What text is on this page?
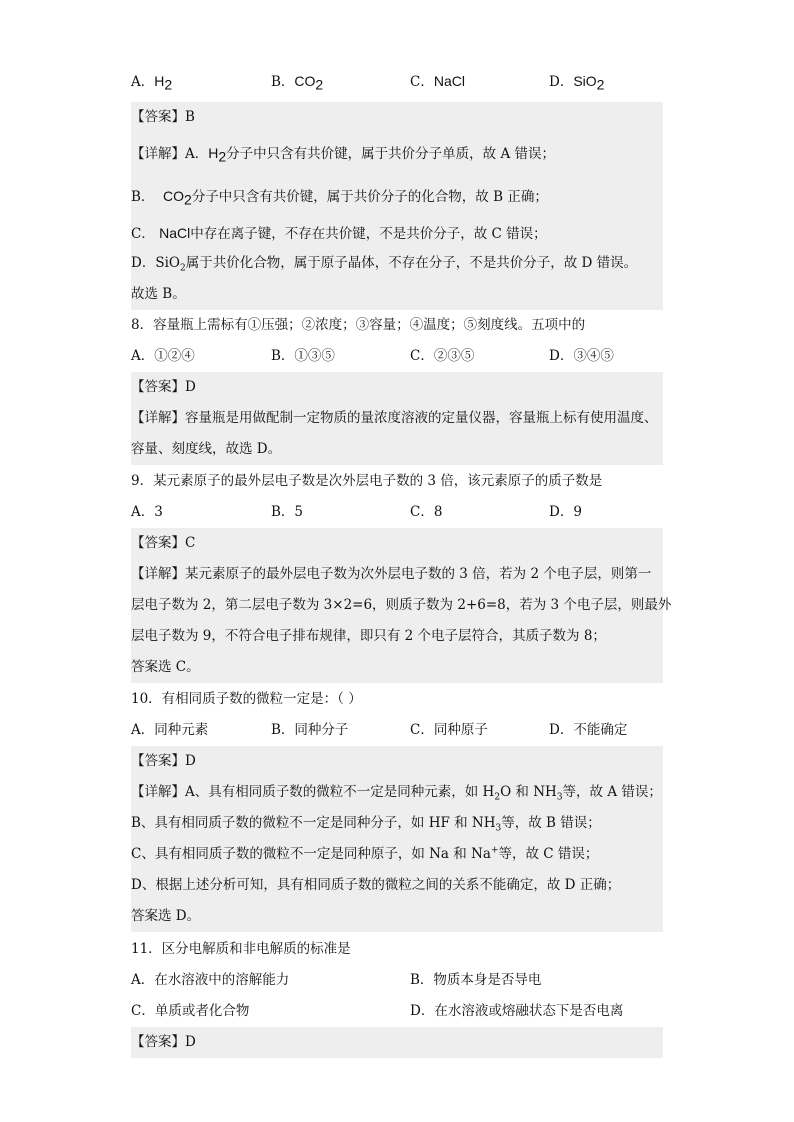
A．$H_2$	B．$CO_2$	C．NaCl	D．SiO$_2$
【答案】B
【详解】A．$H_2$分子中只含有共价键，属于共价分子单质，故 A 错误；
B． $CO_2$分子中只含有共价键，属于共价分子的化合物，故 B 正确；
C． NaCl中存在离子键，不存在共价键，不是共价分子，故 C 错误；
D．SiO$_2$属于共价化合物，属于原子晶体，不存在分子，不是共价分子，故 D 错误。
故选 B。
8．容量瓶上需标有①压强；②浓度；③容量；④温度；⑤刻度线。五项中的
A．①②④	B．①③⑤	C．②③⑤	D．③④⑤
【答案】D
【详解】容量瓶是用做配制一定物质的量浓度溶液的定量仪器，容量瓶上标有使用温度、
容量、刻度线，故选 D。
9．某元素原子的最外层电子数是次外层电子数的 3 倍，该元素原子的质子数是
A．3	B．5	C．8	D．9
【答案】C
【详解】某元素原子的最外层电子数为次外层电子数的 3 倍，若为 2 个电子层，则第一
层电子数为 2，第二层电子数为 3×2=6，则质子数为 2+6=8，若为 3 个电子层，则最外
层电子数为 9，不符合电子排布规律，即只有 2 个电子层符合，其质子数为 8；
答案选 C。
10．有相同质子数的微粒一定是：（ ）
A．同种元素	B．同种分子	C．同种原子	D．不能确定
【答案】D
【详解】A、具有相同质子数的微粒不一定是同种元素，如 $H_2O$ 和 $NH_3$等，故 A 错误；
B、具有相同质子数的微粒不一定是同种分子，如 HF 和 $NH_3$等，故 B 错误；
C、具有相同质子数的微粒不一定是同种原子，如 Na 和 Na+等，故 C 错误；
D、根据上述分析可知，具有相同质子数的微粒之间的关系不能确定，故 D 正确；
答案选 D。
11．区分电解质和非电解质的标准是
A．在水溶液中的溶解能力	B．物质本身是否导电
C．单质或者化合物	D．在水溶液或熔融状态下是否电离
【答案】D
